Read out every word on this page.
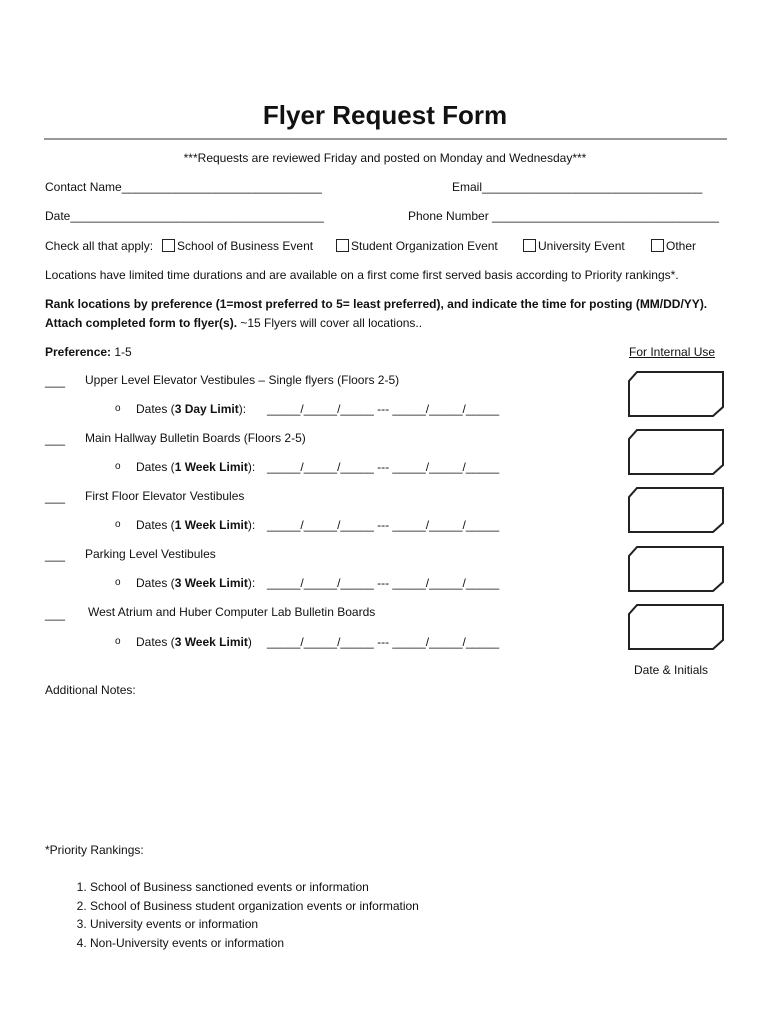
Flyer Request Form
***Requests are reviewed Friday and posted on Monday and Wednesday***
Contact Name______________________________	Email_________________________________
Date______________________________________	Phone Number __________________________________
Check all that apply:	School of Business Event	Student Organization Event	University Event	Other
Locations have limited time durations and are available on a first come first served basis according to Priority rankings*.
Rank locations by preference (1=most preferred to 5= least preferred), and indicate the time for posting (MM/DD/YY).
Attach completed form to flyer(s). ~15 Flyers will cover all locations..
Preference: 1-5	For Internal Use
___ Upper Level Elevator Vestibules – Single flyers (Floors 2-5)
o Dates (3 Day Limit): _____/_____/_____ --- _____/_____/_____
___ Main Hallway Bulletin Boards (Floors 2-5)
o Dates (1 Week Limit): _____/_____/_____ --- _____/_____/_____
___ First Floor Elevator Vestibules
o Dates (1 Week Limit): _____/_____/_____ --- _____/_____/_____
___ Parking Level Vestibules
o Dates (3 Week Limit): _____/_____/_____ --- _____/_____/_____
___ West Atrium and Huber Computer Lab Bulletin Boards
o Dates (3 Week Limit) _____/_____/_____ --- _____/_____/_____
Date & Initials
Additional Notes:
*Priority Rankings:
1. School of Business sanctioned events or information
2. School of Business student organization events or information
3. University events or information
4. Non-University events or information
